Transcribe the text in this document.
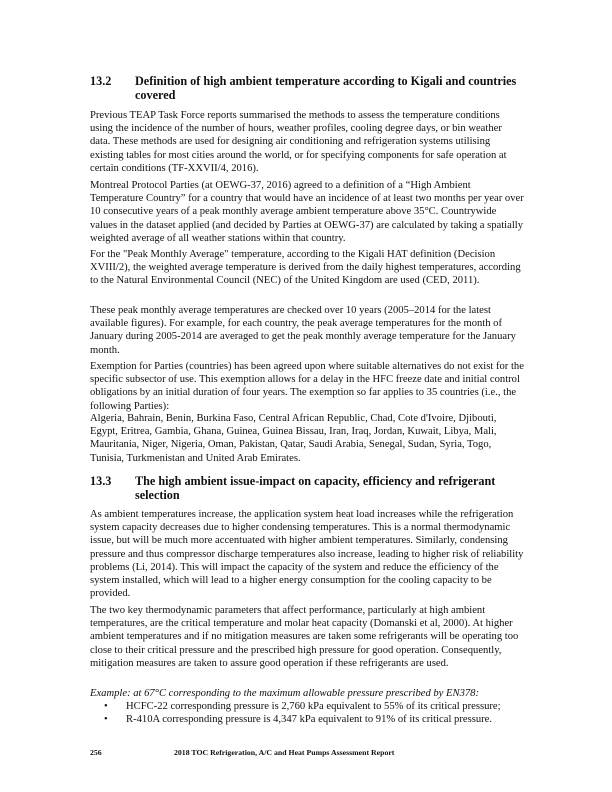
13.2 Definition of high ambient temperature according to Kigali and countries covered

Previous TEAP Task Force reports summarised the methods to assess the temperature conditions using the incidence of the number of hours, weather profiles, cooling degree days, or bin weather data. These methods are used for designing air conditioning and refrigeration systems utilising existing tables for most cities around the world, or for specifying components for safe operation at certain conditions (TF-XXVII/4, 2016).

Montreal Protocol Parties (at OEWG-37, 2016) agreed to a definition of a “High Ambient Temperature Country” for a country that would have an incidence of at least two months per year over 10 consecutive years of a peak monthly average ambient temperature above 35°C. Countrywide values in the dataset applied (and decided by Parties at OEWG-37) are calculated by taking a spatially weighted average of all weather stations within that country.

For the "Peak Monthly Average" temperature, according to the Kigali HAT definition (Decision XVIII/2), the weighted average temperature is derived from the daily highest temperatures, according to the Natural Environmental Council (NEC) of the United Kingdom are used (CED, 2011).

These peak monthly average temperatures are checked over 10 years (2005–2014 for the latest available figures). For example, for each country, the peak average temperatures for the month of January during 2005-2014 are averaged to get the peak monthly average temperature for the January month.

Exemption for Parties (countries) has been agreed upon where suitable alternatives do not exist for the specific subsector of use. This exemption allows for a delay in the HFC freeze date and initial control obligations by an initial duration of four years. The exemption so far applies to 35 countries (i.e., the following Parties):

Algeria, Bahrain, Benin, Burkina Faso, Central African Republic, Chad, Cote d'Ivoire, Djibouti, Egypt, Eritrea, Gambia, Ghana, Guinea, Guinea Bissau, Iran, Iraq, Jordan, Kuwait, Libya, Mali, Mauritania, Niger, Nigeria, Oman, Pakistan, Qatar, Saudi Arabia, Senegal, Sudan, Syria, Togo, Tunisia, Turkmenistan and United Arab Emirates.

13.3 The high ambient issue-impact on capacity, efficiency and refrigerant selection

As ambient temperatures increase, the application system heat load increases while the refrigeration system capacity decreases due to higher condensing temperatures. This is a normal thermodynamic issue, but will be much more accentuated with higher ambient temperatures. Similarly, condensing pressure and thus compressor discharge temperatures also increase, leading to higher risk of reliability problems (Li, 2014). This will impact the capacity of the system and reduce the efficiency of the system installed, which will lead to a higher energy consumption for the cooling capacity to be provided.

The two key thermodynamic parameters that affect performance, particularly at high ambient temperatures, are the critical temperature and molar heat capacity (Domanski et al, 2000). At higher ambient temperatures and if no mitigation measures are taken some refrigerants will be operating too close to their critical pressure and the prescribed high pressure for good operation. Consequently, mitigation measures are taken to assure good operation if these refrigerants are used.

Example: at 67°C corresponding to the maximum allowable pressure prescribed by EN378:

• HCFC-22 corresponding pressure is 2,760 kPa equivalent to 55% of its critical pressure;
• R-410A corresponding pressure is 4,347 kPa equivalent to 91% of its critical pressure.
256	2018 TOC Refrigeration, A/C and Heat Pumps Assessment Report
